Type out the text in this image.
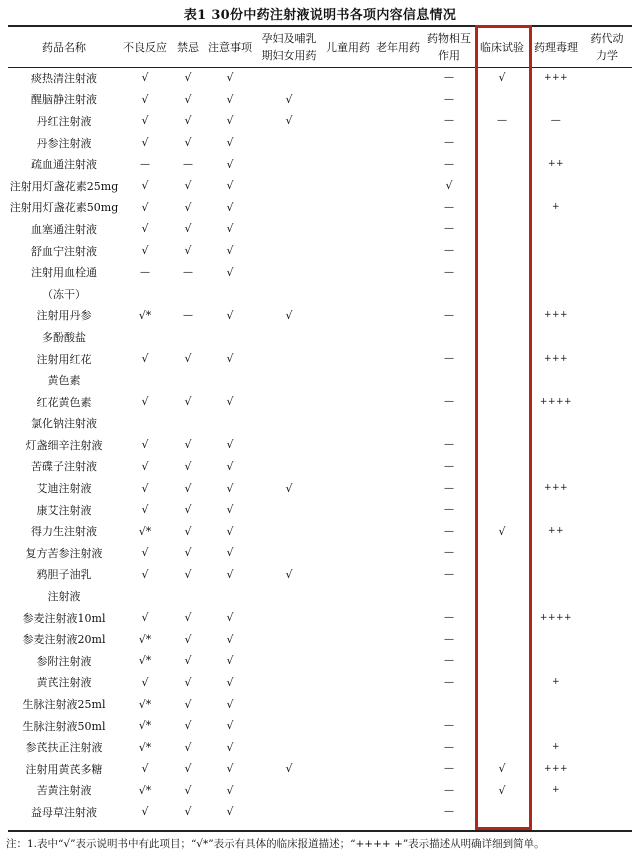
表1 30份中药注射液说明书各项内容信息情况
药品名称	不良反应	禁忌	注意事项	孕妇及哺乳
期妇女用药	儿童用药	老年用药	药物相互
作用	临床试验	药理毒理	药代动
力学
痰热清注射液	√	√	√				—	√	+++	
醒脑静注射液	√	√	√	√			—			
丹红注射液	√	√	√	√			—	—	—	
丹参注射液	√	√	√				—			
疏血通注射液	—	—	√				—		++	
注射用灯盏花素25mg	√	√	√				√			
注射用灯盏花素50mg	√	√	√				—		+	
血塞通注射液	√	√	√				—			
舒血宁注射液	√	√	√				—			
注射用血栓通	—	—	√				—			
（冻干）										
注射用丹参	√*	—	√	√			—		+++	
多酚酸盐										
注射用红花	√	√	√				—		+++	
黄色素										
红花黄色素	√	√	√				—		++++	
氯化钠注射液										
灯盏细辛注射液	√	√	√				—			
苦碟子注射液	√	√	√				—			
艾迪注射液	√	√	√	√			—		+++	
康艾注射液	√	√	√				—			
得力生注射液	√*	√	√				—	√	++	
复方苦参注射液	√	√	√				—			
鸦胆子油乳	√	√	√	√			—			
注射液										
参麦注射液10ml	√	√	√				—		++++	
参麦注射液20ml	√*	√	√				—			
参附注射液	√*	√	√				—			
黄芪注射液	√	√	√				—		+	
生脉注射液25ml	√*	√	√							
生脉注射液50ml	√*	√	√				—			
参芪扶正注射液	√*	√	√				—		+	
注射用黄芪多糖	√	√	√	√			—	√	+++	
苦黄注射液	√*	√	√				—	√	+	
益母草注射液	√	√	√				—			
注：1.表中“√”表示说明书中有此项目；“√*”表示有具体的临床报道描述；“++++ +”表示描述从明确详细到简单。
